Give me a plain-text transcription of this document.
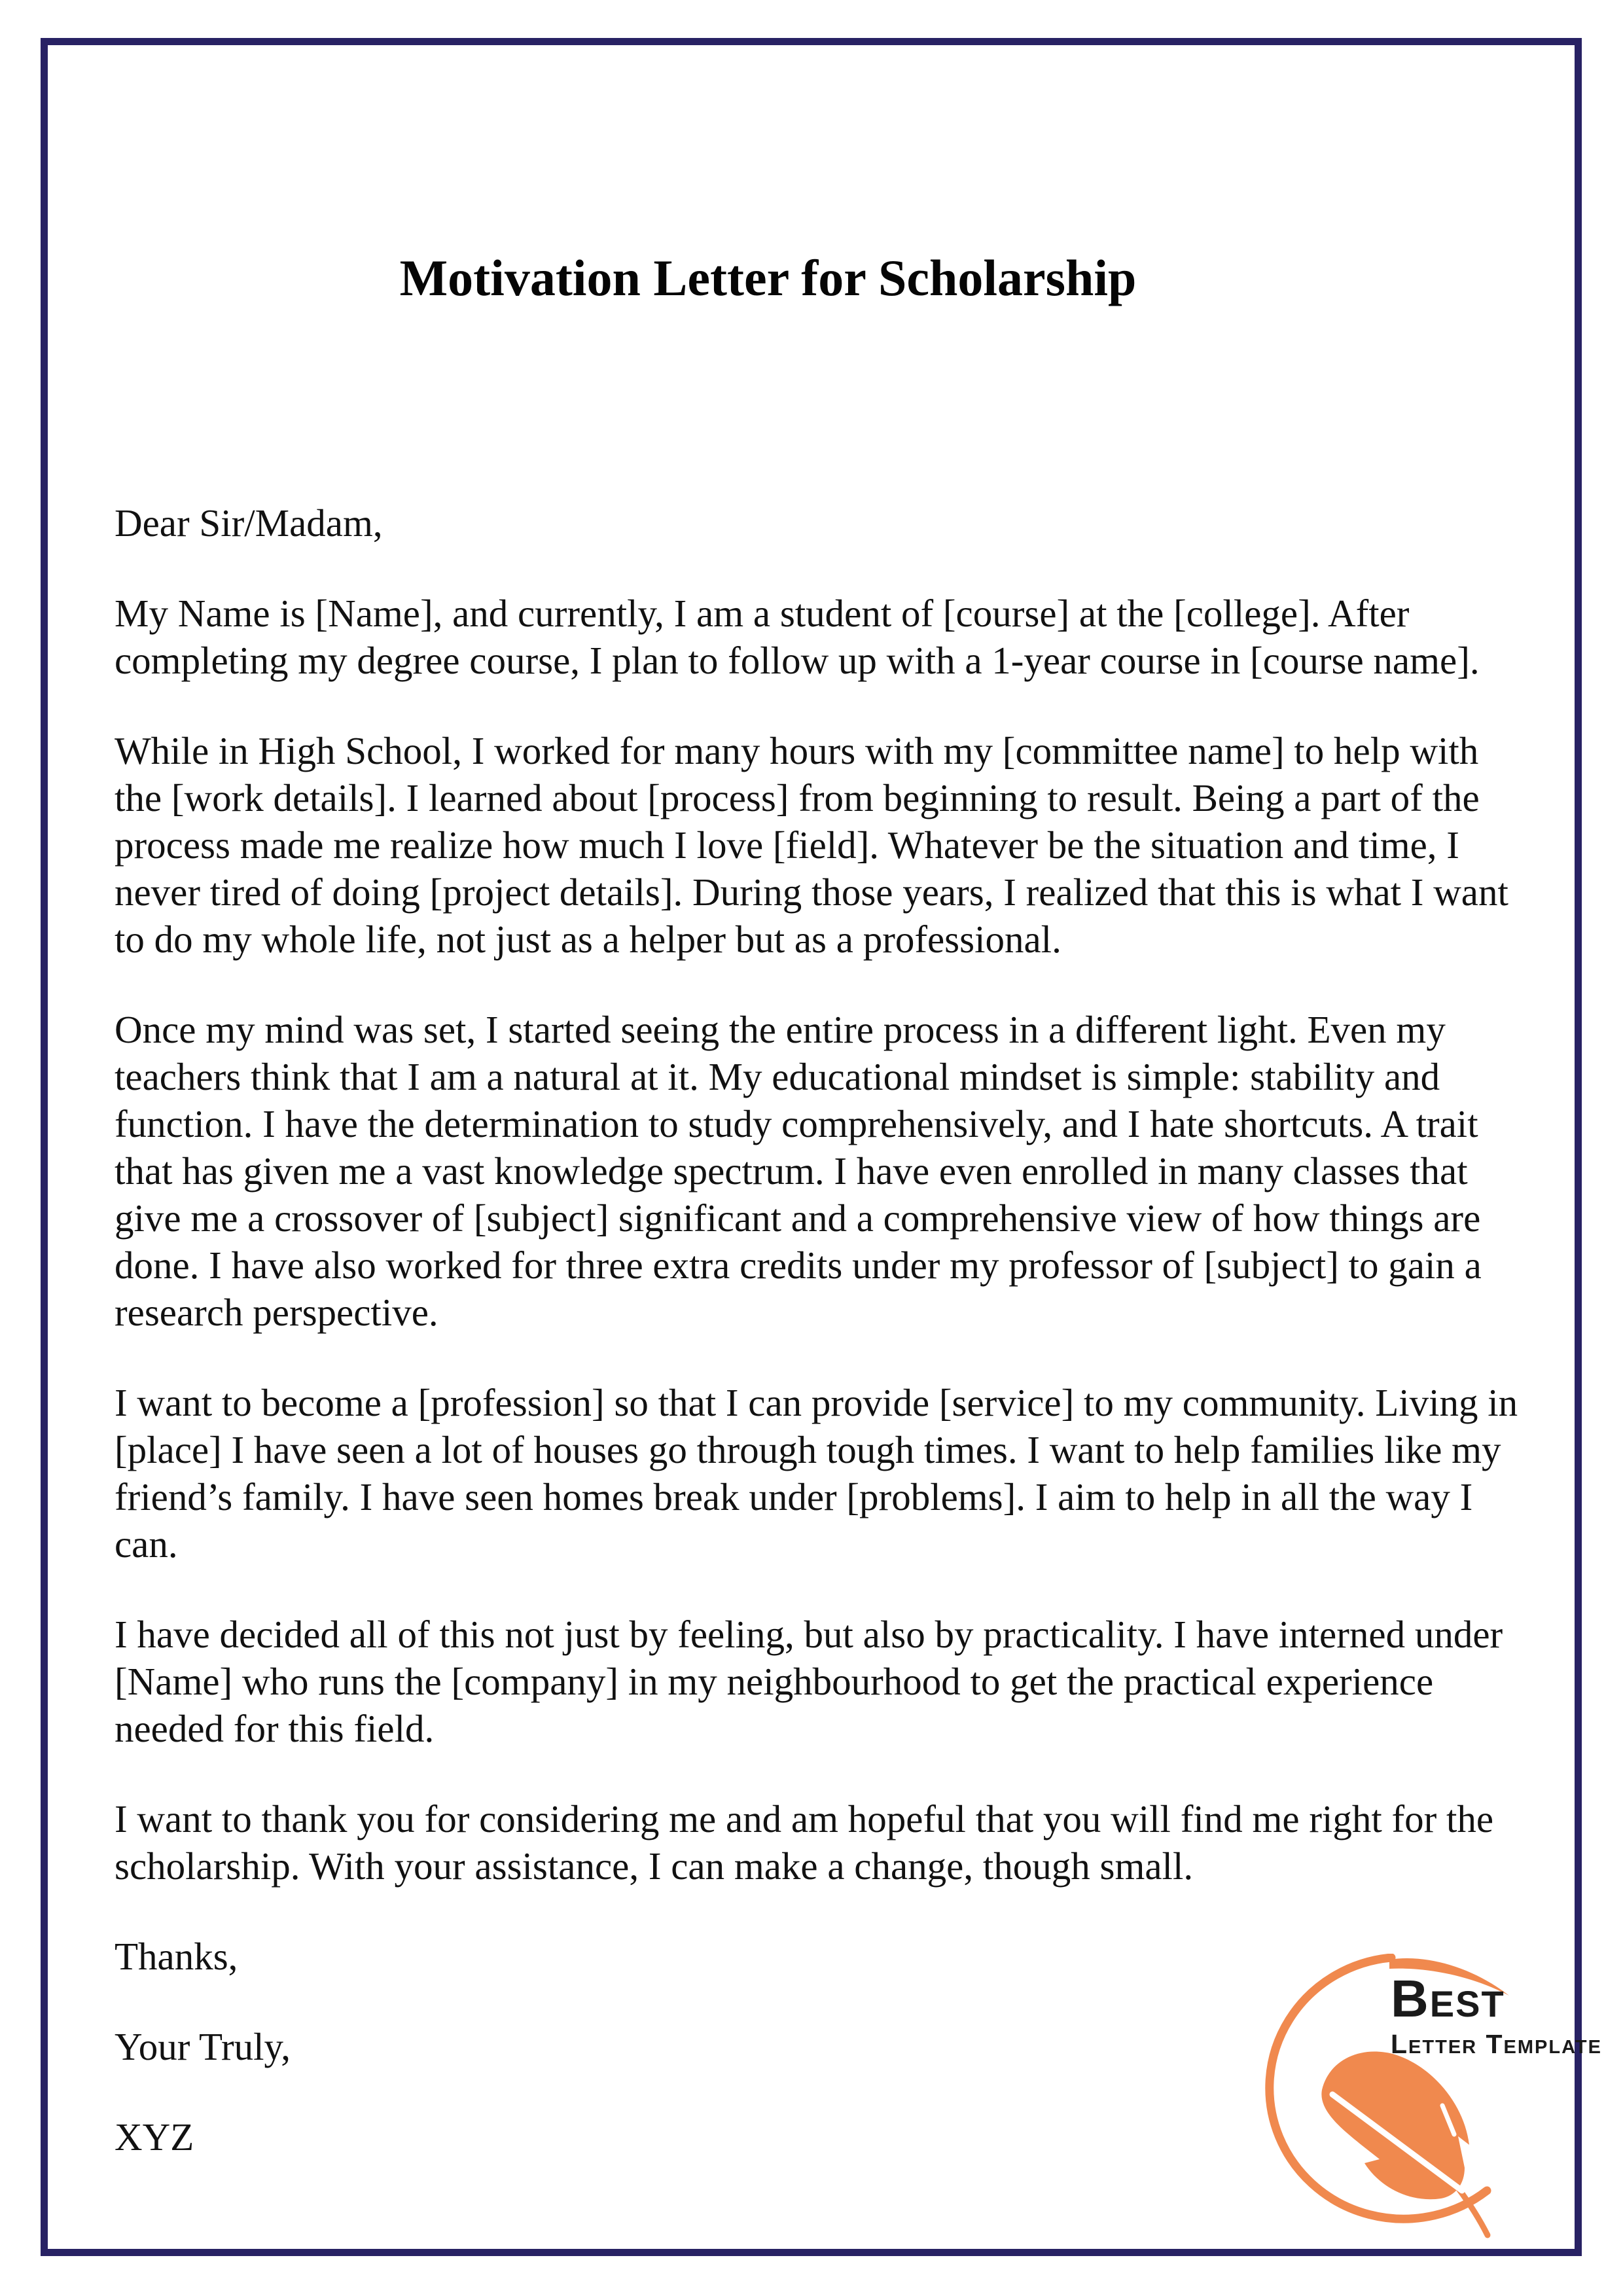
Motivation Letter for Scholarship

Dear Sir/Madam,

My Name is [Name], and currently, I am a student of [course] at the [college]. After completing my degree course, I plan to follow up with a 1-year course in [course name].

While in High School, I worked for many hours with my [committee name] to help with the [work details]. I learned about [process] from beginning to result. Being a part of the process made me realize how much I love [field]. Whatever be the situation and time, I never tired of doing [project details]. During those years, I realized that this is what I want to do my whole life, not just as a helper but as a professional.

Once my mind was set, I started seeing the entire process in a different light. Even my teachers think that I am a natural at it. My educational mindset is simple: stability and function. I have the determination to study comprehensively, and I hate shortcuts. A trait that has given me a vast knowledge spectrum. I have even enrolled in many classes that give me a crossover of [subject] significant and a comprehensive view of how things are done. I have also worked for three extra credits under my professor of [subject] to gain a research perspective.

I want to become a [profession] so that I can provide [service] to my community. Living in [place] I have seen a lot of houses go through tough times. I want to help families like my friend’s family. I have seen homes break under [problems]. I aim to help in all the way I can.

I have decided all of this not just by feeling, but also by practicality. I have interned under [Name] who runs the [company] in my neighbourhood to get the practical experience needed for this field.

I want to thank you for considering me and am hopeful that you will find me right for the scholarship. With your assistance, I can make a change, though small.

Thanks,

Your Truly,

XYZ

Best
Letter Template
